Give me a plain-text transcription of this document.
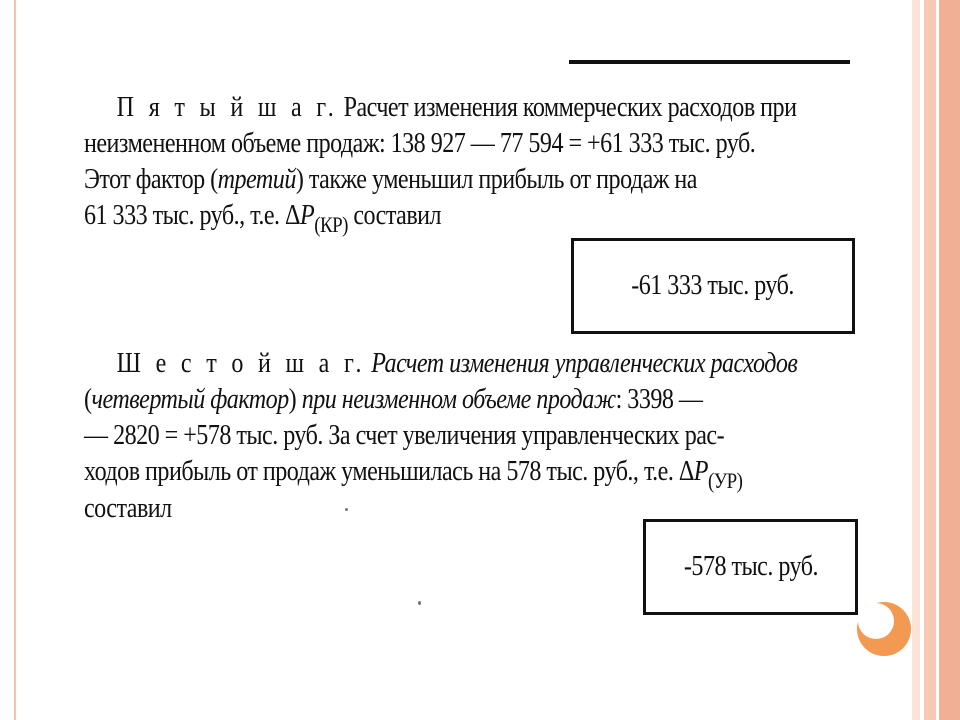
П я т ы й ш а г. Расчет изменения коммерческих расходов при
неизмененном объеме продаж: 138 927 — 77 594 = +61 333 тыс. руб.
Этот фактор (третий) также уменьшил прибыль от продаж на
61 333 тыс. руб., т.е. $\Delta P_{(КР)}$ составил
-61 333 тыс. руб.
Ш е с т о й ш а г. Расчет изменения управленческих расходов
(четвертый фактор) при неизменном объеме продаж: 3398 —
— 2820 = +578 тыс. руб. За счет увеличения управленческих рас-
ходов прибыль от продаж уменьшилась на 578 тыс. руб., т.е. $\Delta P_{(УР)}$
составил
-578 тыс. руб.
